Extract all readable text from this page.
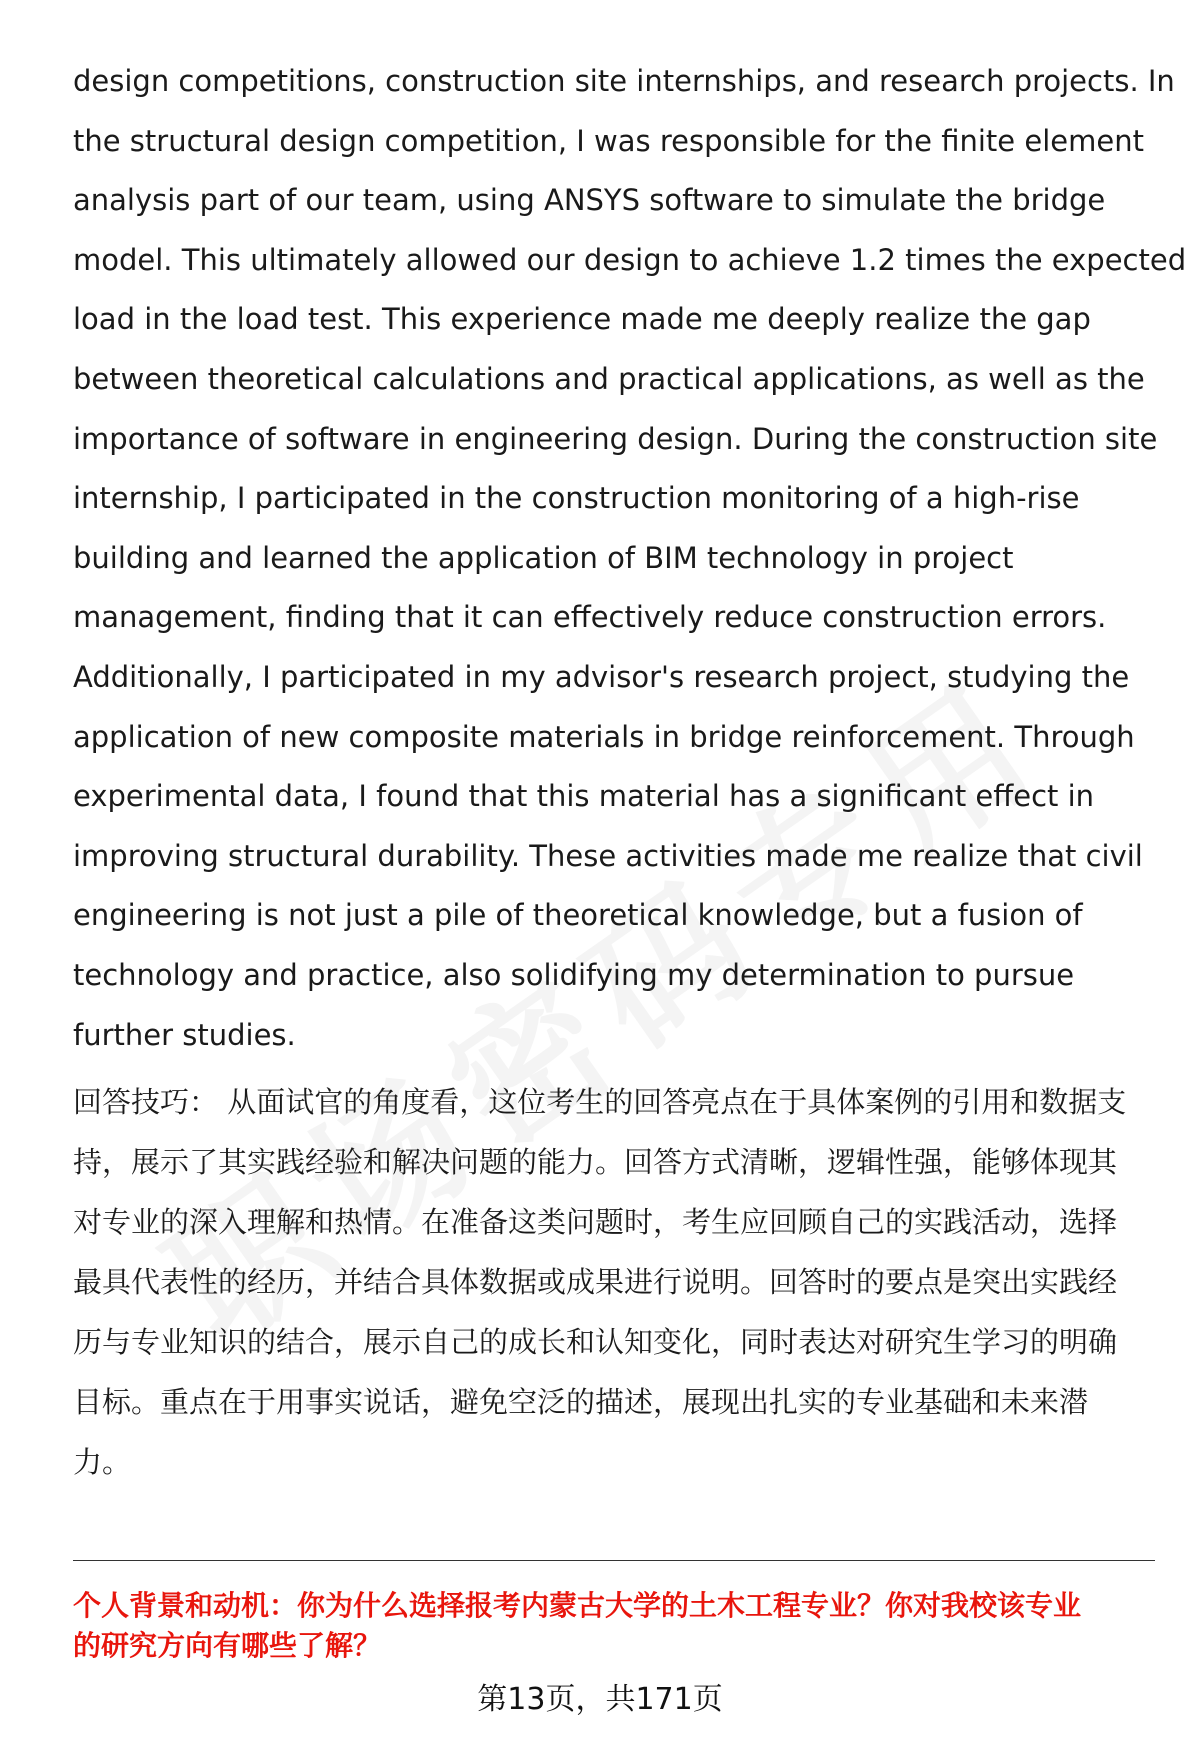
design competitions, construction site internships, and research projects. In
the structural design competition, I was responsible for the finite element
analysis part of our team, using ANSYS software to simulate the bridge
model. This ultimately allowed our design to achieve 1.2 times the expected
load in the load test. This experience made me deeply realize the gap
between theoretical calculations and practical applications, as well as the
importance of software in engineering design. During the construction site
internship, I participated in the construction monitoring of a high-rise
building and learned the application of BIM technology in project
management, finding that it can effectively reduce construction errors.
Additionally, I participated in my advisor's research project, studying the
application of new composite materials in bridge reinforcement. Through
experimental data, I found that this material has a significant effect in
improving structural durability. These activities made me realize that civil
engineering is not just a pile of theoretical knowledge, but a fusion of
technology and practice, also solidifying my determination to pursue
further studies.
回答技巧： 从面试官的角度看，这位考生的回答亮点在于具体案例的引用和数据支
持，展示了其实践经验和解决问题的能力。回答方式清晰，逻辑性强，能够体现其
对专业的深入理解和热情。在准备这类问题时，考生应回顾自己的实践活动，选择
最具代表性的经历，并结合具体数据或成果进行说明。回答时的要点是突出实践经
历与专业知识的结合，展示自己的成长和认知变化，同时表达对研究生学习的明确
目标。重点在于用事实说话，避免空泛的描述，展现出扎实的专业基础和未来潜
力。
个人背景和动机：你为什么选择报考内蒙古大学的土木工程专业？你对我校该专业
的研究方向有哪些了解？
第13页，共171页
